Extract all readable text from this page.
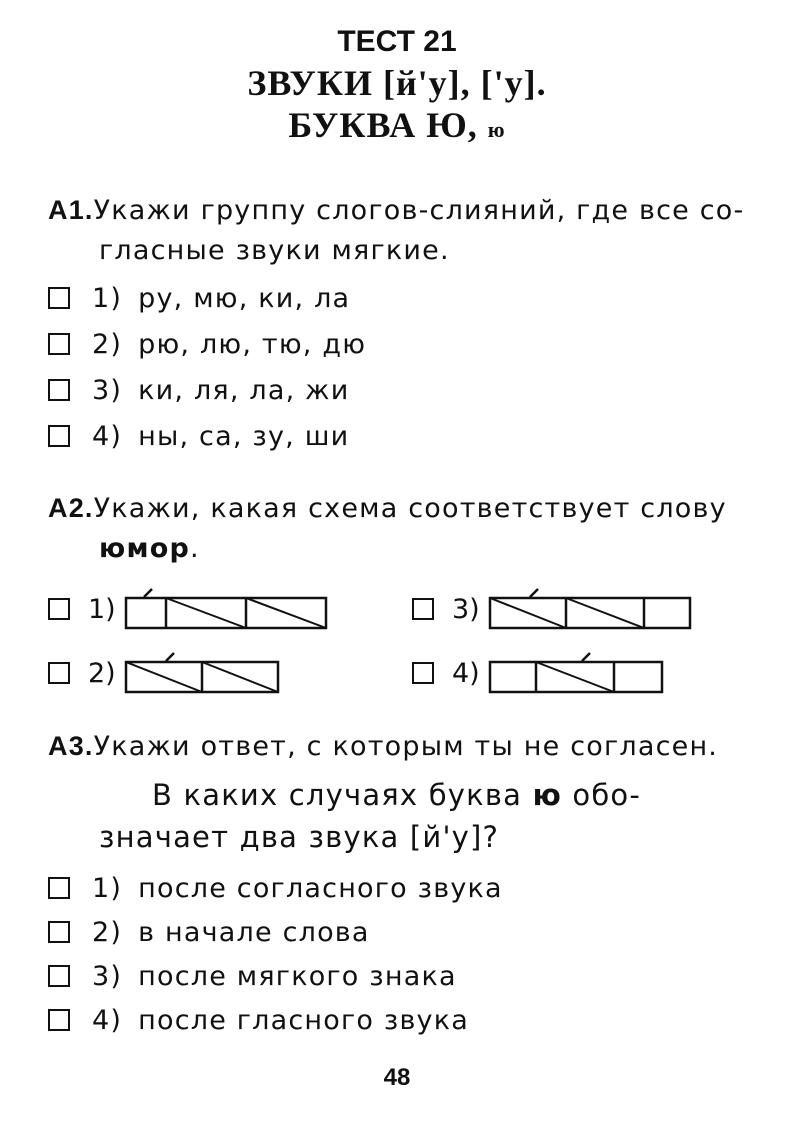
ТЕСТ 21
ЗВУКИ [й'у], ['у].
БУКВА Ю, ю
А1.Укажи группу слогов-слияний, где все со-
гласные звуки мягкие.
1) ру, мю, ки, ла
2) рю, лю, тю, дю
3) ки, ля, ла, жи
4) ны, са, зу, ши
А2.Укажи, какая схема соответствует слову
юмор.
1)	3)
2)	4)
А3.Укажи ответ, с которым ты не согласен.
В каких случаях буква ю обо-
значает два звука [й'у]?
1) после согласного звука
2) в начале слова
3) после мягкого знака
4) после гласного звука
48
